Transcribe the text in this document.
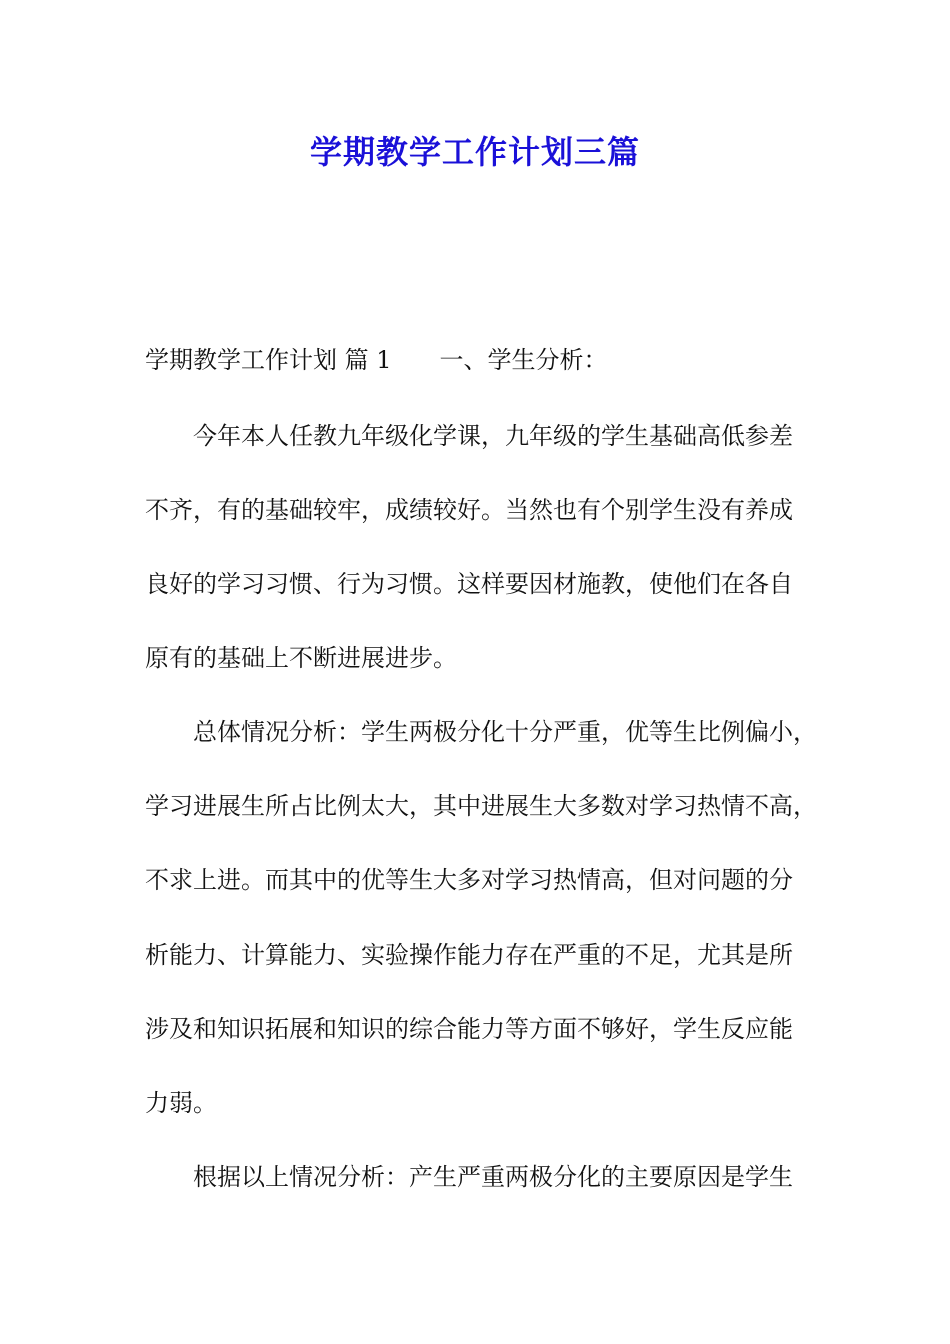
学期教学工作计划三篇

学期教学工作计划 篇 1 一、学生分析：

今年本人任教九年级化学课，九年级的学生基础高低参差

不齐，有的基础较牢，成绩较好。当然也有个别学生没有养成

良好的学习习惯、行为习惯。这样要因材施教，使他们在各自

原有的基础上不断进展进步。

总体情况分析：学生两极分化十分严重，优等生比例偏小，

学习进展生所占比例太大，其中进展生大多数对学习热情不高，

不求上进。而其中的优等生大多对学习热情高，但对问题的分

析能力、计算能力、实验操作能力存在严重的不足，尤其是所

涉及和知识拓展和知识的综合能力等方面不够好，学生反应能

力弱。

根据以上情况分析：产生严重两极分化的主要原因是学生
